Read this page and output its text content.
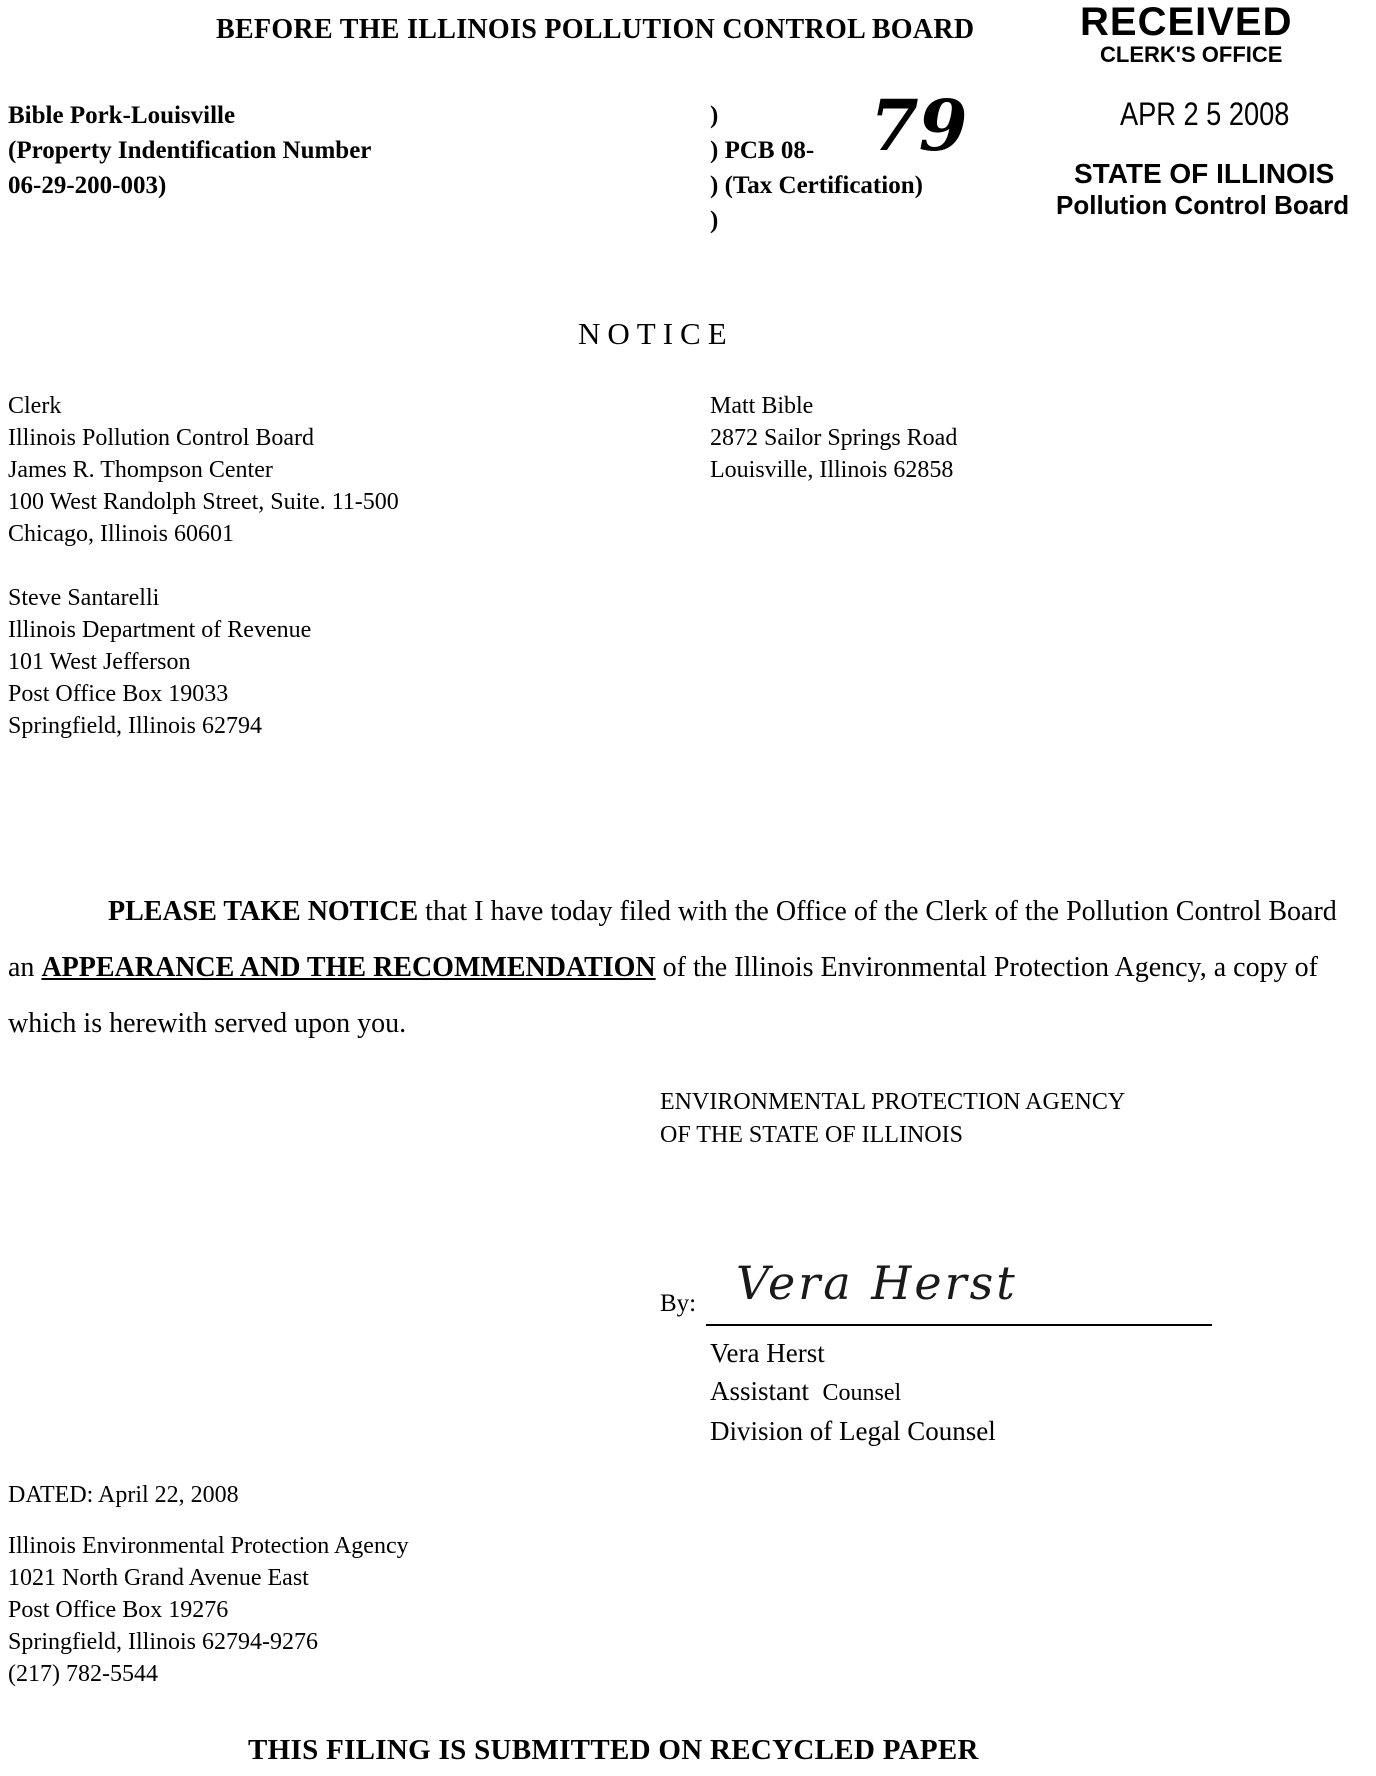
BEFORE THE ILLINOIS POLLUTION CONTROL BOARD	RECEIVED
CLERK'S OFFICE
APR 2 5 2008
STATE OF ILLINOIS
Pollution Control Board
Bible Pork-Louisville
(Property Indentification Number
06-29-200-003)
)
) PCB 08-
) (Tax Certification)
)
79
NOTICE
Clerk
Illinois Pollution Control Board
James R. Thompson Center
100 West Randolph Street, Suite. 11-500
Chicago, Illinois 60601
Matt Bible
2872 Sailor Springs Road
Louisville, Illinois 62858
Steve Santarelli
Illinois Department of Revenue
101 West Jefferson
Post Office Box 19033
Springfield, Illinois 62794
PLEASE TAKE NOTICE that I have today filed with the Office of the Clerk of the Pollution Control Board an APPEARANCE AND THE RECOMMENDATION of the Illinois Environmental Protection Agency, a copy of which is herewith served upon you.
ENVIRONMENTAL PROTECTION AGENCY
OF THE STATE OF ILLINOIS
By: Vera Herst
Vera Herst
Assistant Counsel
Division of Legal Counsel
DATED: April 22, 2008
Illinois Environmental Protection Agency
1021 North Grand Avenue East
Post Office Box 19276
Springfield, Illinois 62794-9276
(217) 782-5544
THIS FILING IS SUBMITTED ON RECYCLED PAPER
